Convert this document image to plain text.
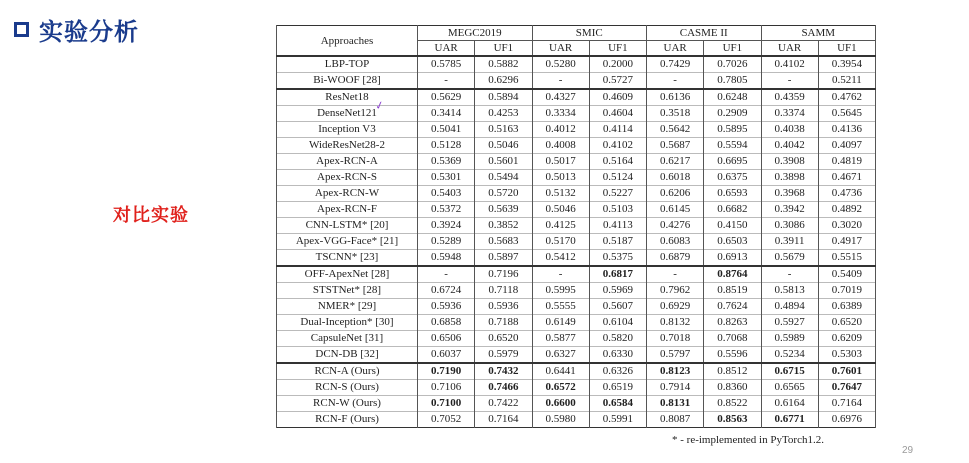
实验分析
对比实验
Approaches	MEGC2019		SMIC		CASME II		SAMM	
	UAR	UF1	UAR	UF1	UAR	UF1	UAR	UF1
LBP-TOP	0.5785	0.5882	0.5280	0.2000	0.7429	0.7026	0.4102	0.3954
Bi-WOOF [28]	-	0.6296	-	0.5727	-	0.7805	-	0.5211
ResNet18	0.5629	0.5894	0.4327	0.4609	0.6136	0.6248	0.4359	0.4762
DenseNet121	0.3414	0.4253	0.3334	0.4604	0.3518	0.2909	0.3374	0.5645
Inception V3	0.5041	0.5163	0.4012	0.4114	0.5642	0.5895	0.4038	0.4136
WideResNet28-2	0.5128	0.5046	0.4008	0.4102	0.5687	0.5594	0.4042	0.4097
Apex-RCN-A	0.5369	0.5601	0.5017	0.5164	0.6217	0.6695	0.3908	0.4819
Apex-RCN-S	0.5301	0.5494	0.5013	0.5124	0.6018	0.6375	0.3898	0.4671
Apex-RCN-W	0.5403	0.5720	0.5132	0.5227	0.6206	0.6593	0.3968	0.4736
Apex-RCN-F	0.5372	0.5639	0.5046	0.5103	0.6145	0.6682	0.3942	0.4892
CNN-LSTM* [20]	0.3924	0.3852	0.4125	0.4113	0.4276	0.4150	0.3086	0.3020
Apex-VGG-Face* [21]	0.5289	0.5683	0.5170	0.5187	0.6083	0.6503	0.3911	0.4917
TSCNN* [23]	0.5948	0.5897	0.5412	0.5375	0.6879	0.6913	0.5679	0.5515
OFF-ApexNet [28]	-	0.7196	-	0.6817	-	0.8764	-	0.5409
STSTNet* [28]	0.6724	0.7118	0.5995	0.5969	0.7962	0.8519	0.5813	0.7019
NMER* [29]	0.5936	0.5936	0.5555	0.5607	0.6929	0.7624	0.4894	0.6389
Dual-Inception* [30]	0.6858	0.7188	0.6149	0.6104	0.8132	0.8263	0.5927	0.6520
CapsuleNet [31]	0.6506	0.6520	0.5877	0.5820	0.7018	0.7068	0.5989	0.6209
DCN-DB [32]	0.6037	0.5979	0.6327	0.6330	0.5797	0.5596	0.5234	0.5303
RCN-A (Ours)	0.7190	0.7432	0.6441	0.6326	0.8123	0.8512	0.6715	0.7601
RCN-S (Ours)	0.7106	0.7466	0.6572	0.6519	0.7914	0.8360	0.6565	0.7647
RCN-W (Ours)	0.7100	0.7422	0.6600	0.6584	0.8131	0.8522	0.6164	0.7164
RCN-F (Ours)	0.7052	0.7164	0.5980	0.5991	0.8087	0.8563	0.6771	0.6976
✓
* - re-implemented in PyTorch1.2.
29
